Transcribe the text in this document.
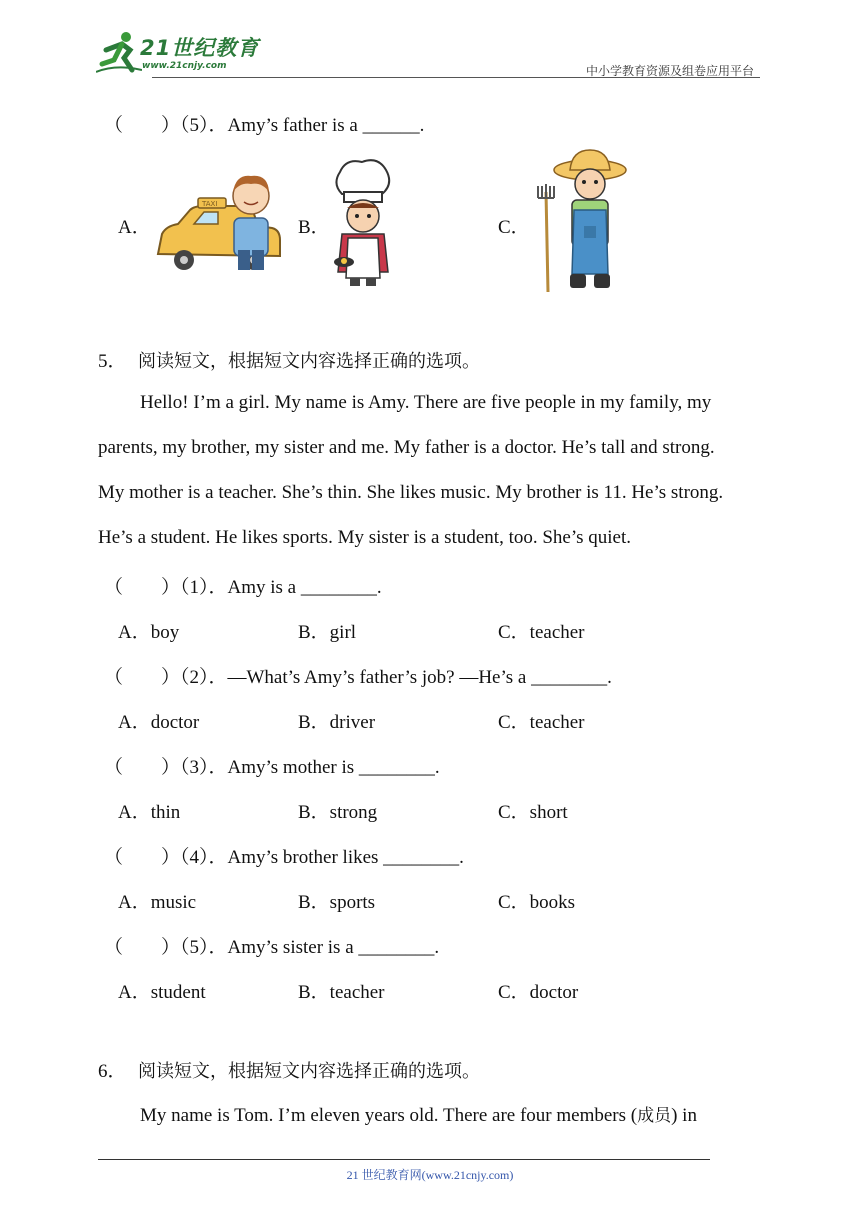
21世纪教育
www.21cnjy.com	中小学教育资源及组卷应用平台
（　　）（5）．Amy’s father is a ______.
A．
TAXI
B．	C．
5． 阅读短文，根据短文内容选择正确的选项。
Hello! I’m a girl. My name is Amy. There are five people in my family, my
parents, my brother, my sister and me. My father is a doctor. He’s tall and strong.
My mother is a teacher. She’s thin. She likes music. My brother is 11. He’s strong.
He’s a student. He likes sports. My sister is a student, too. She’s quiet.
（　　）（1）．Amy is a ________.
A．boy	B．girl	C．teacher
（　　）（2）．—What’s Amy’s father’s job? —He’s a ________.
A．doctor	B．driver	C．teacher
（　　）（3）．Amy’s mother is ________.
A．thin	B．strong	C．short
（　　）（4）．Amy’s brother likes ________.
A．music	B．sports	C．books
（　　）（5）．Amy’s sister is a ________.
A．student	B．teacher	C．doctor
6． 阅读短文，根据短文内容选择正确的选项。
My name is Tom. I’m eleven years old. There are four members (成员) in
21 世纪教育网(www.21cnjy.com)
